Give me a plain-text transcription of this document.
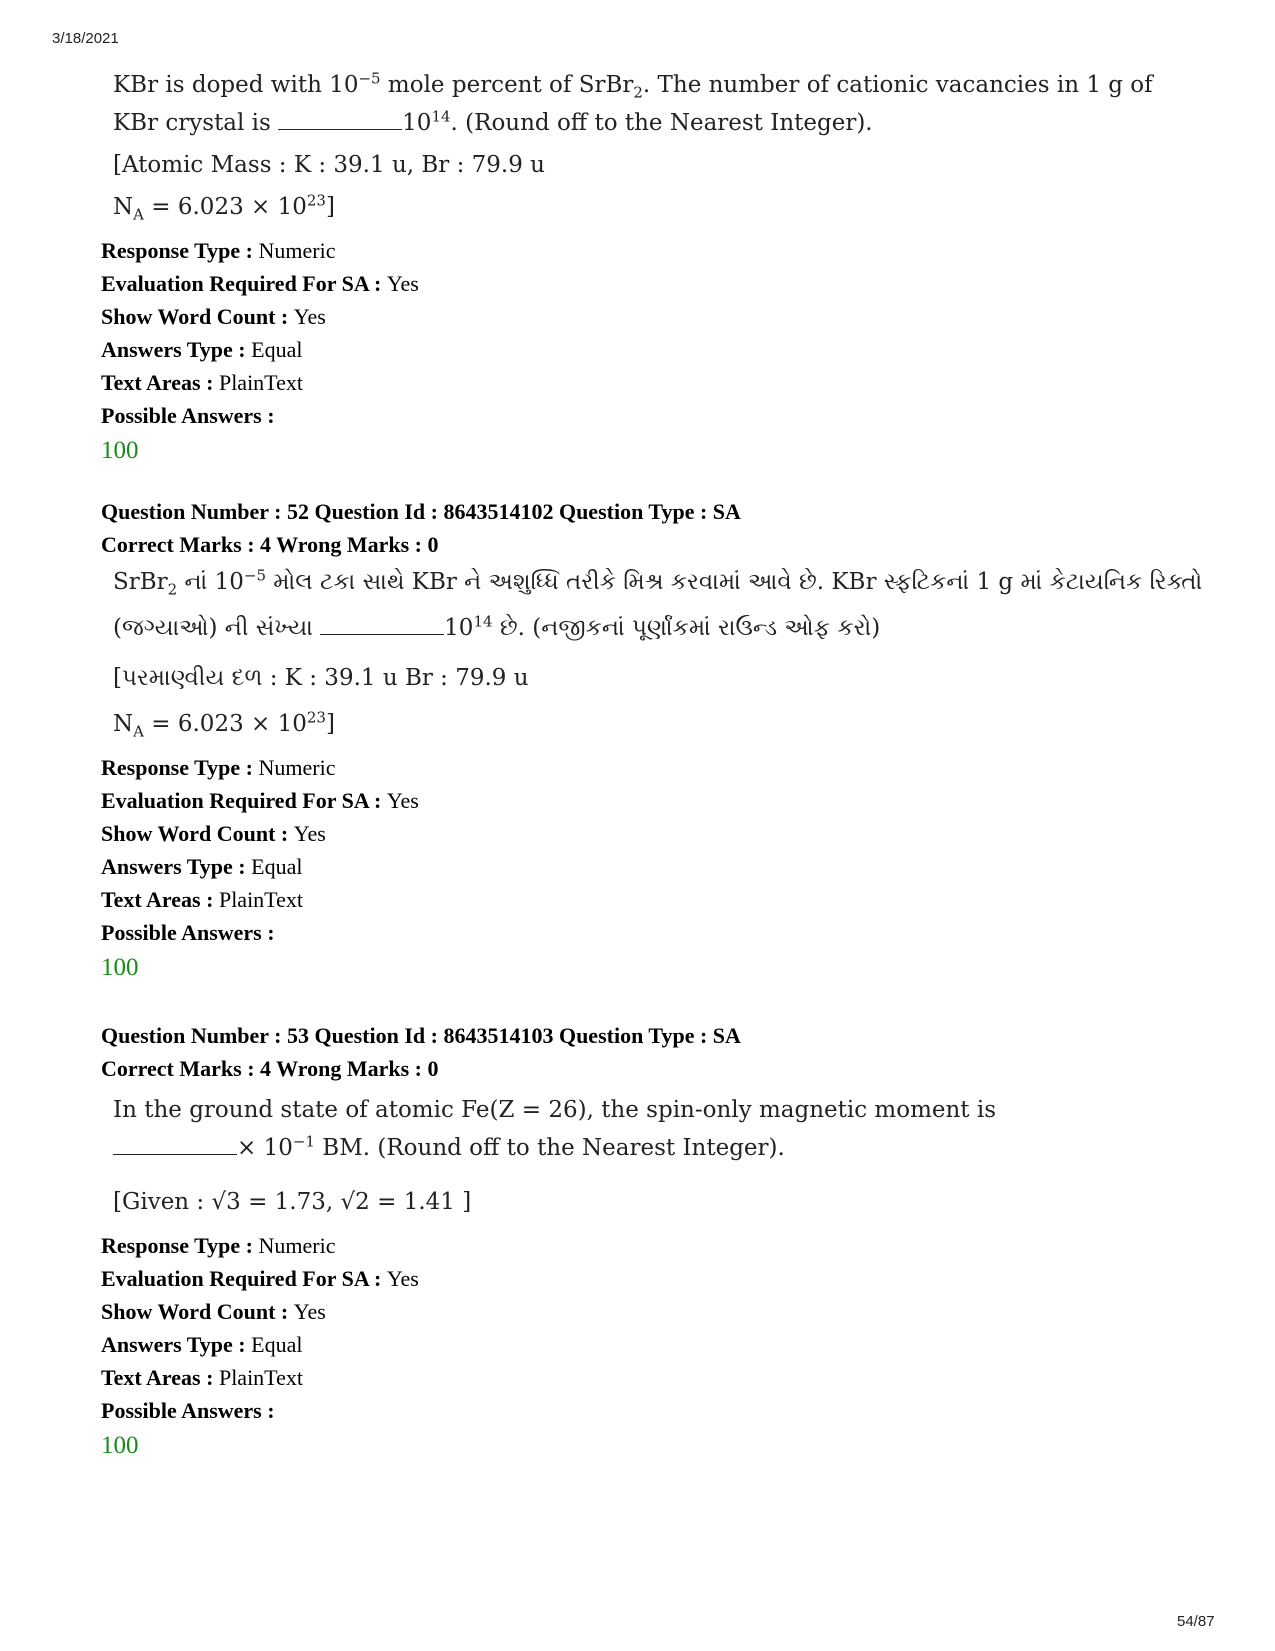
3/18/2021

KBr is doped with $10^{-5}$ mole percent of SrBr$_2$. The number of cationic vacancies in 1 g of

KBr crystal is	$10^{14}$. (Round off to the Nearest Integer).

[Atomic Mass : K : 39.1 u, Br : 79.9 u

$N_A = 6.023 \times 10^{23}$]

Response Type : Numeric
Evaluation Required For SA : Yes
Show Word Count : Yes
Answers Type : Equal
Text Areas : PlainText
Possible Answers :
100
Question Number : 52 Question Id : 8643514102 Question Type : SA
Correct Marks : 4 Wrong Marks : 0

SrBr$_2$ નાં $10^{-5}$ મોલ ટકા સાથે KBr ને અશુધ્ધિ તરીકે મિશ્ર કરવામાં આવે છે. KBr સ્ફટિકનાં 1 g માં કેટાયનિક રિક્તો

(જગ્યાઓ) ની સંખ્યા	$10^{14}$ છે. (નજીકનાં પૂર્ણાંકમાં રાઉન્ડ ઓફ કરો)

[પરમાણ્વીય દળ : K : 39.1 u Br : 79.9 u

$N_A = 6.023 \times 10^{23}$]

Response Type : Numeric
Evaluation Required For SA : Yes
Show Word Count : Yes
Answers Type : Equal
Text Areas : PlainText
Possible Answers :
100
Question Number : 53 Question Id : 8643514103 Question Type : SA
Correct Marks : 4 Wrong Marks : 0

In the ground state of atomic Fe(Z = 26), the spin-only magnetic moment is

× $10^{-1}$ BM. (Round off to the Nearest Integer).

[Given : √3 = 1.73, √2 = 1.41 ]

Response Type : Numeric
Evaluation Required For SA : Yes
Show Word Count : Yes
Answers Type : Equal
Text Areas : PlainText
Possible Answers :
100
54/87
